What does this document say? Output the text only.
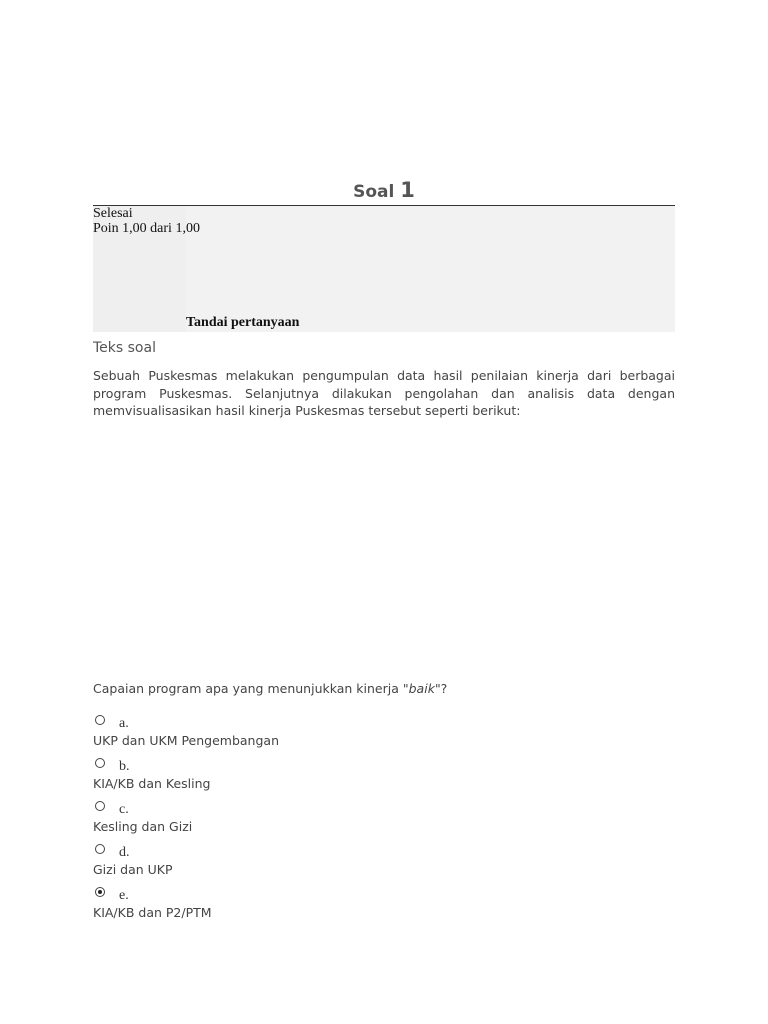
Soal 1
Selesai
Poin 1,00 dari 1,00
Tandai pertanyaan
Teks soal
Sebuah Puskesmas melakukan pengumpulan data hasil penilaian kinerja dari berbagai program Puskesmas. Selanjutnya dilakukan pengolahan dan analisis data dengan memvisualisasikan hasil kinerja Puskesmas tersebut seperti berikut:
Capaian program apa yang menunjukkan kinerja "baik"?
a.
UKP dan UKM Pengembangan
b.
KIA/KB dan Kesling
c.
Kesling dan Gizi
d.
Gizi dan UKP
e.
KIA/KB dan P2/PTM
